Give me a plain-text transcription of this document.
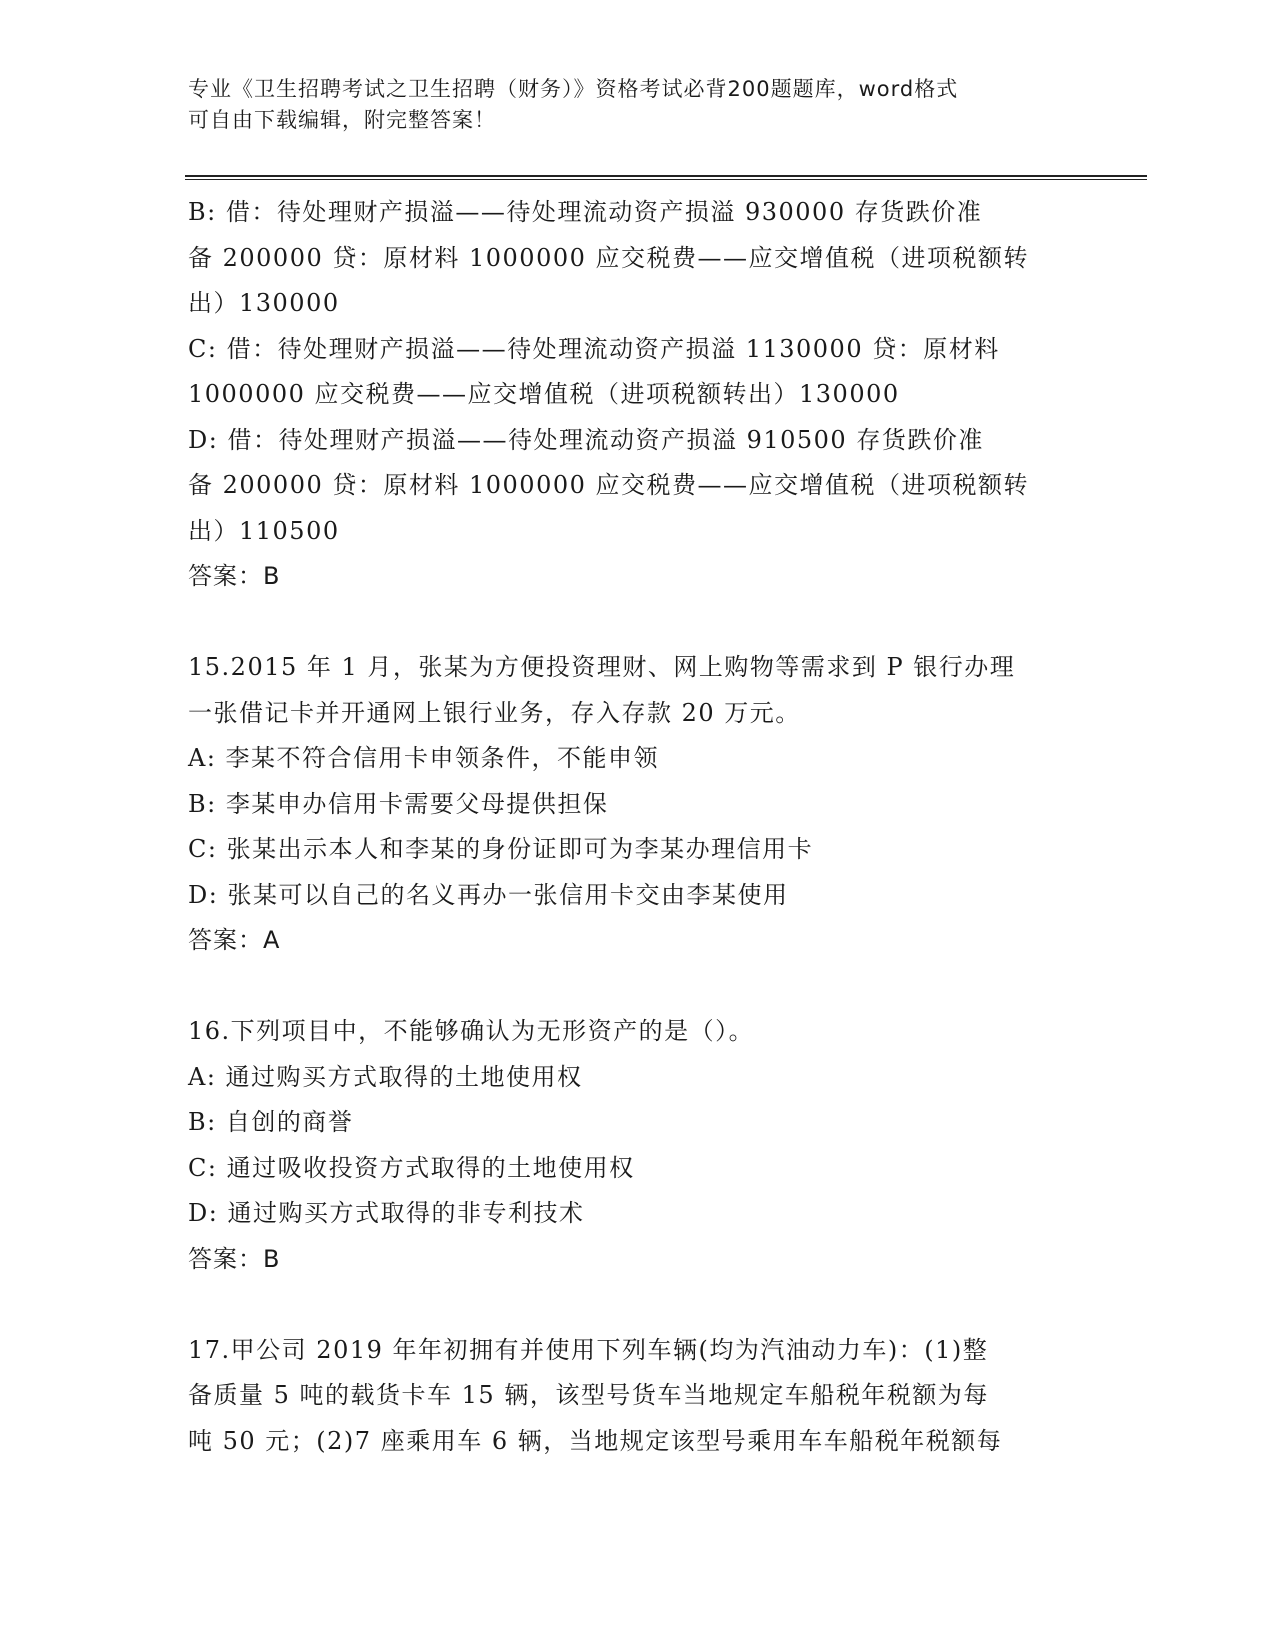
专业《卫生招聘考试之卫生招聘（财务）》资格考试必背200题题库，word格式
可自由下载编辑，附完整答案！
B: 借：待处理财产损溢——待处理流动资产损溢 930000 存货跌价准
备 200000 贷：原材料 1000000 应交税费——应交增值税（进项税额转
出）130000
C: 借：待处理财产损溢——待处理流动资产损溢 1130000 贷：原材料
1000000 应交税费——应交增值税（进项税额转出）130000
D: 借：待处理财产损溢——待处理流动资产损溢 910500 存货跌价准
备 200000 贷：原材料 1000000 应交税费——应交增值税（进项税额转
出）110500
答案：B
15.2015 年 1 月，张某为方便投资理财、网上购物等需求到 P 银行办理
一张借记卡并开通网上银行业务，存入存款 20 万元。
A: 李某不符合信用卡申领条件，不能申领
B: 李某申办信用卡需要父母提供担保
C: 张某出示本人和李某的身份证即可为李某办理信用卡
D: 张某可以自己的名义再办一张信用卡交由李某使用
答案：A
16.下列项目中，不能够确认为无形资产的是（）。
A: 通过购买方式取得的土地使用权
B: 自创的商誉
C: 通过吸收投资方式取得的土地使用权
D: 通过购买方式取得的非专利技术
答案：B
17.甲公司 2019 年年初拥有并使用下列车辆(均为汽油动力车)：(1)整
备质量 5 吨的载货卡车 15 辆，该型号货车当地规定车船税年税额为每
吨 50 元；(2)7 座乘用车 6 辆，当地规定该型号乘用车车船税年税额每
